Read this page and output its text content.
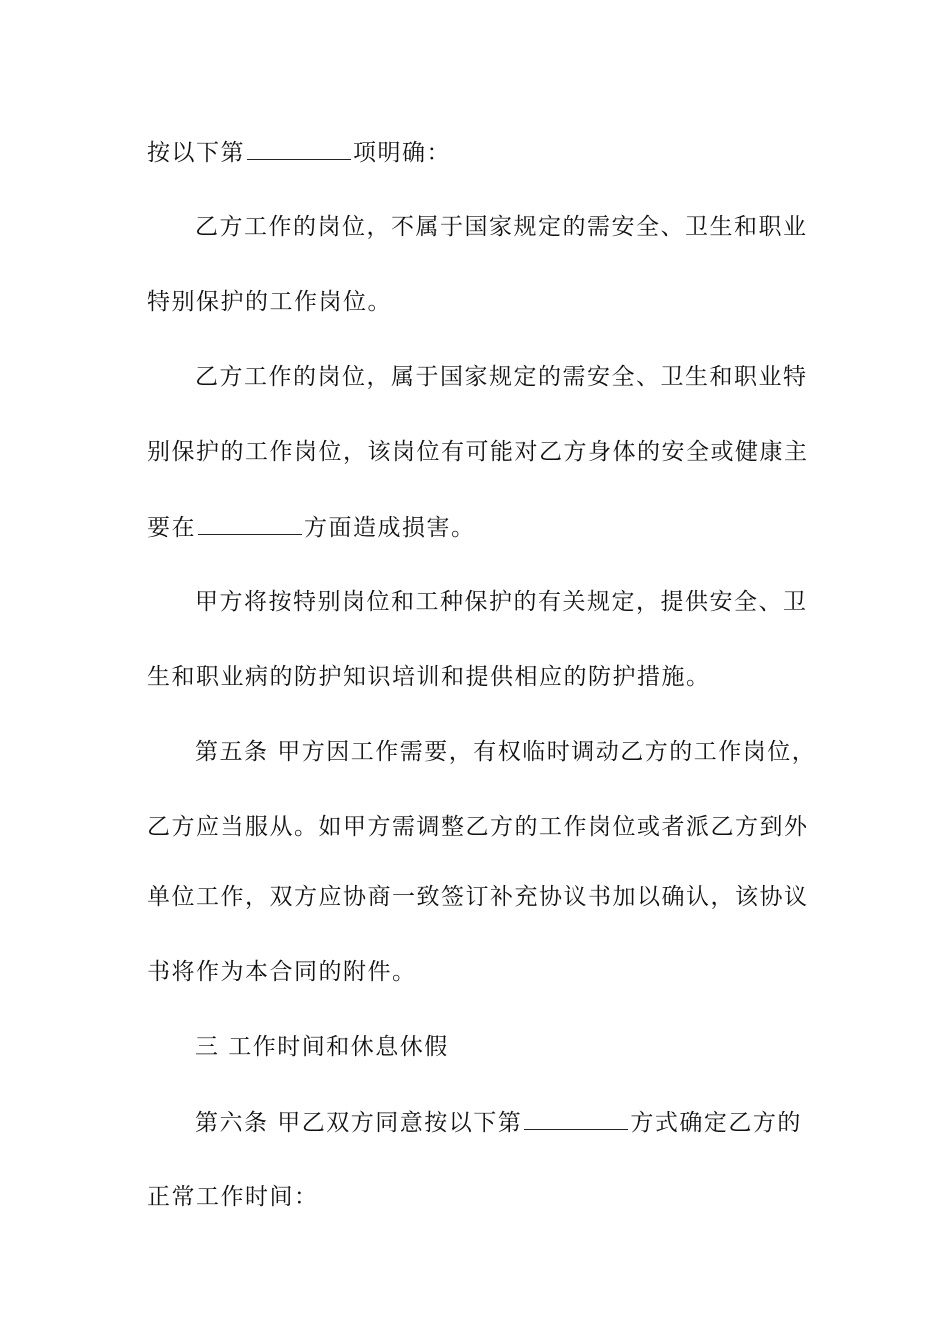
按以下第	项明确：
乙方工作的岗位，不属于国家规定的需安全、卫生和职业
特别保护的工作岗位。
乙方工作的岗位，属于国家规定的需安全、卫生和职业特
别保护的工作岗位，该岗位有可能对乙方身体的安全或健康主
要在	方面造成损害。
甲方将按特别岗位和工种保护的有关规定，提供安全、卫
生和职业病的防护知识培训和提供相应的防护措施。
第五条 甲方因工作需要，有权临时调动乙方的工作岗位，
乙方应当服从。如甲方需调整乙方的工作岗位或者派乙方到外
单位工作，双方应协商一致签订补充协议书加以确认，该协议
书将作为本合同的附件。
三 工作时间和休息休假
第六条 甲乙双方同意按以下第	方式确定乙方的
正常工作时间：
